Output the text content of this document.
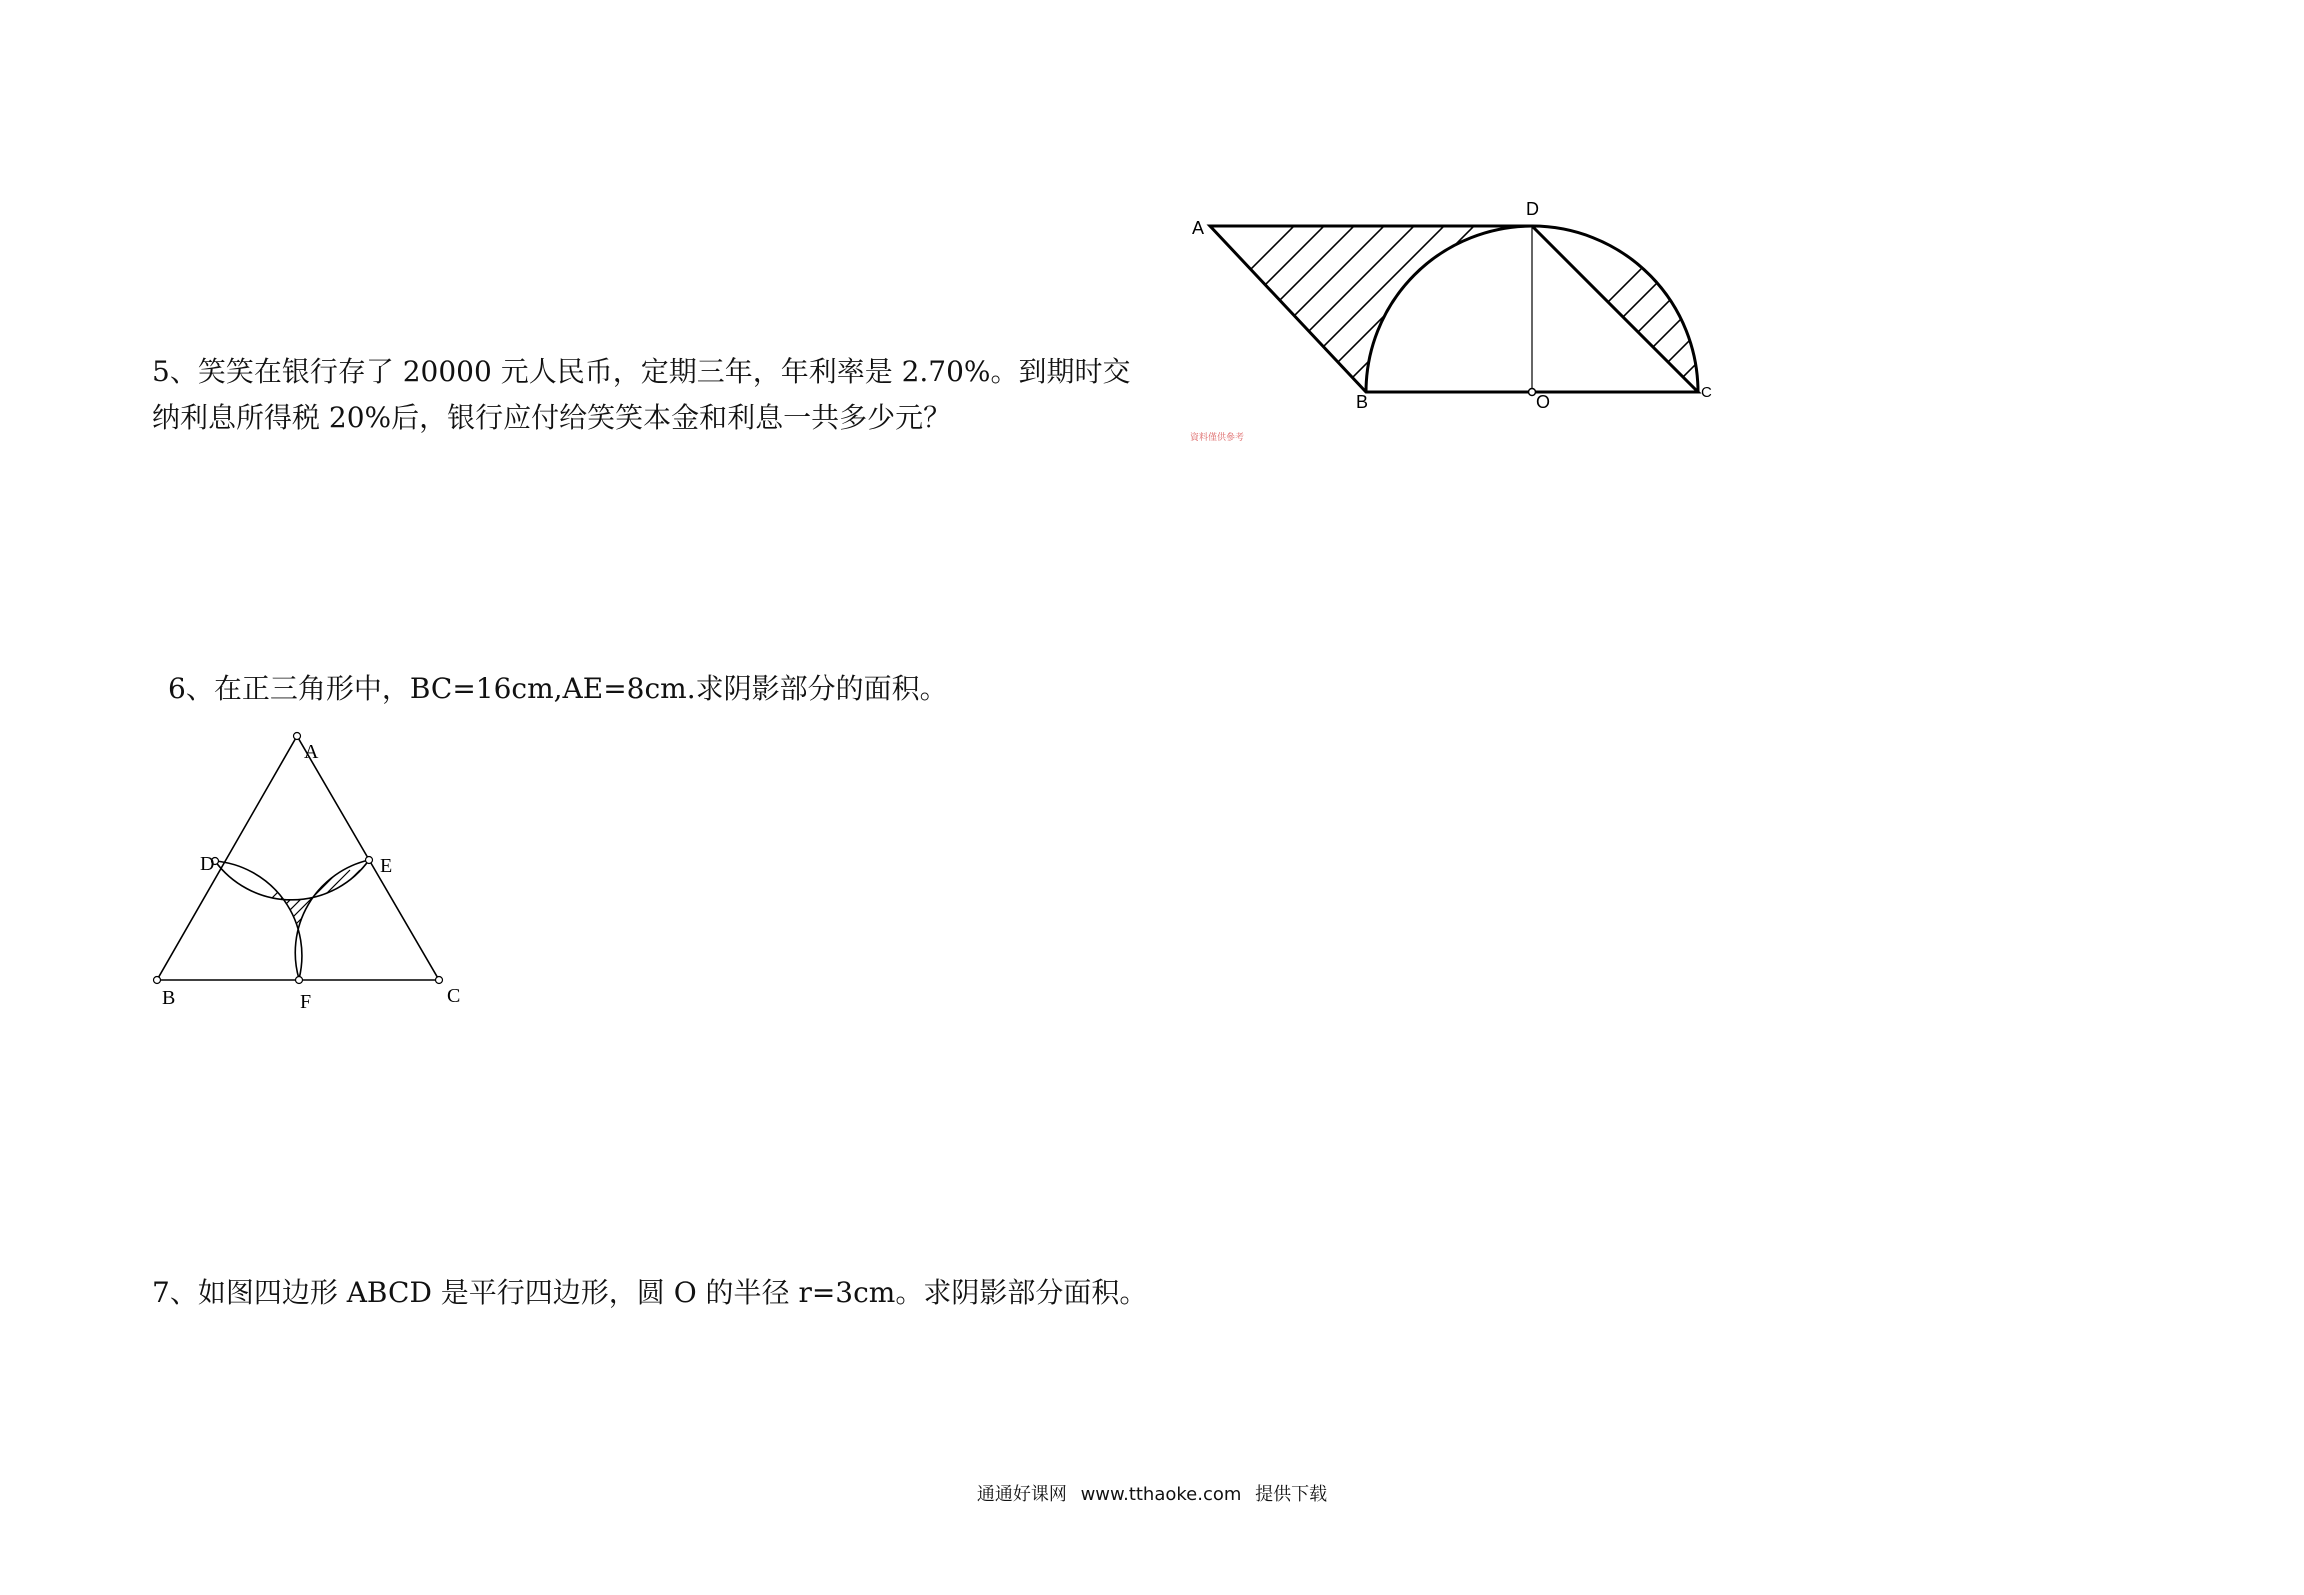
5、笑笑在银行存了 20000 元人民币，定期三年，年利率是 2.70%。到期时交
纳利息所得税 20%后，银行应付给笑笑本金和利息一共多少元？
6、在正三角形中，BC=16cm,AE=8cm.求阴影部分的面积。
7、如图四边形 ABCD 是平行四边形，圆 O 的半径 r=3cm。求阴影部分面积。
A
D
B	O	C
資料僅供參考
A
D	E
B	F	C
通通好课网 www.tthaoke.com 提供下载
